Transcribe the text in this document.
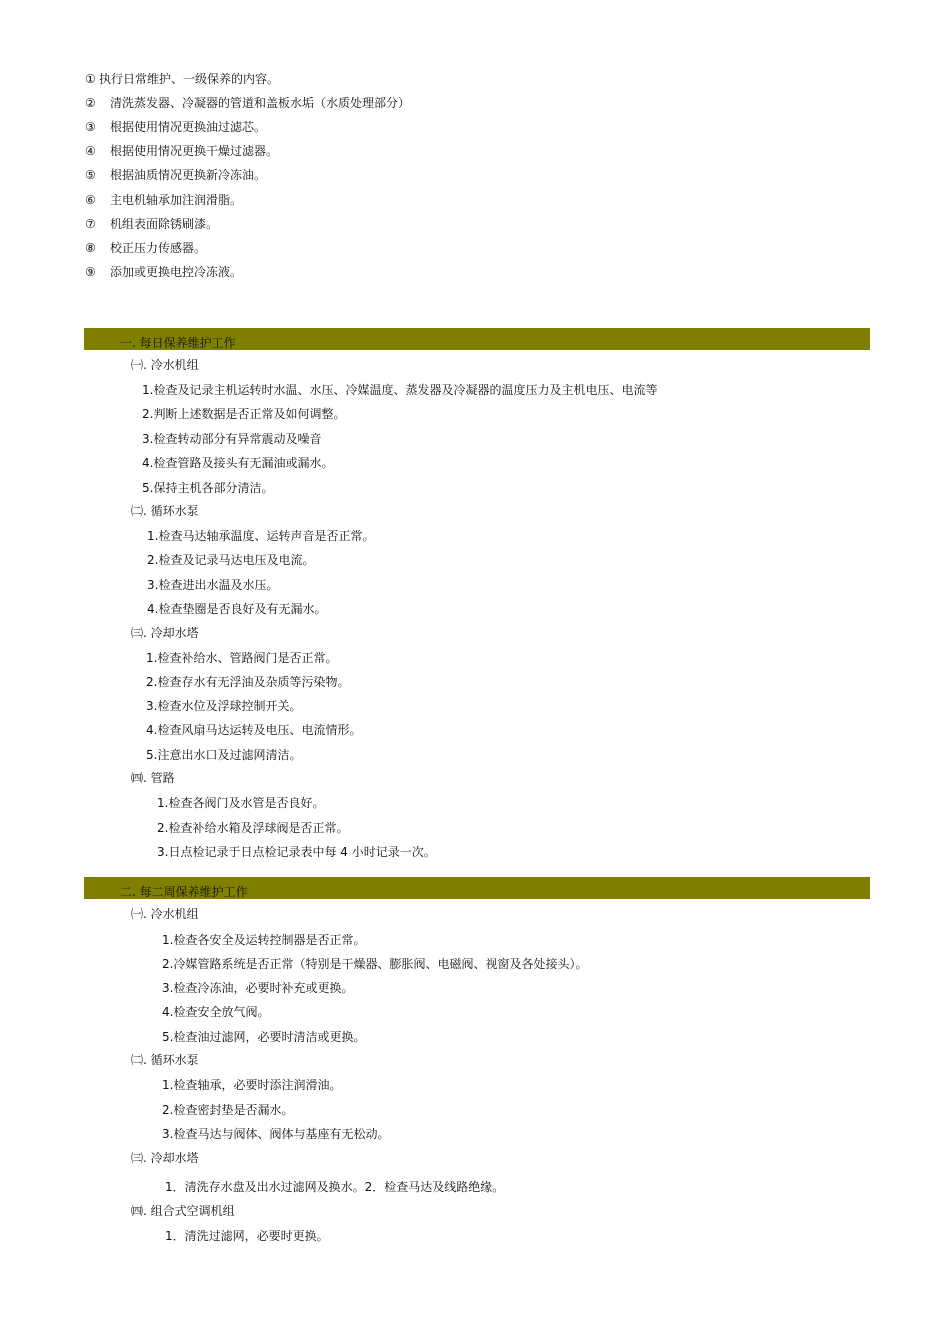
① 执行日常维护、一级保养的内容。
② 清洗蒸发器、冷凝器的管道和盖板水垢（水质处理部分）
③ 根据使用情况更换油过滤芯。
④ 根据使用情况更换干燥过滤器。
⑤ 根据油质情况更换新冷冻油。
⑥ 主电机轴承加注润滑脂。
⑦ 机组表面除锈刷漆。
⑧ 校正压力传感器。
⑨ 添加或更换电控冷冻液。
一. 每日保养维护工作
㈠. 冷水机组
1.检查及记录主机运转时水温、水压、冷媒温度、蒸发器及冷凝器的温度压力及主机电压、电流等
2.判断上述数据是否正常及如何调整。
3.检查转动部分有异常震动及噪音
4.检查管路及接头有无漏油或漏水。
5.保持主机各部分清洁。
㈡. 循环水泵
1.检查马达轴承温度、运转声音是否正常。
2.检查及记录马达电压及电流。
3.检查进出水温及水压。
4.检查垫圈是否良好及有无漏水。
㈢. 冷却水塔
1.检查补给水、管路阀门是否正常。
2.检查存水有无浮油及杂质等污染物。
3.检查水位及浮球控制开关。
4.检查风扇马达运转及电压、电流情形。
5.注意出水口及过滤网清洁。
㈣. 管路
1.检查各阀门及水管是否良好。
2.检查补给水箱及浮球阀是否正常。
3.日点检记录于日点检记录表中每 4 小时记录一次。
二. 每二周保养维护工作
㈠. 冷水机组
1.检查各安全及运转控制器是否正常。
2.冷媒管路系统是否正常（特别是干燥器、膨胀阀、电磁阀、视窗及各处接头）。
3.检查冷冻油，必要时补充或更换。
4.检查安全放气阀。
5.检查油过滤网，必要时清洁或更换。
㈡. 循环水泵
1.检查轴承，必要时添注润滑油。
2.检查密封垫是否漏水。
3.检查马达与阀体、阀体与基座有无松动。
㈢. 冷却水塔
1．清洗存水盘及出水过滤网及换水。2．检查马达及线路绝缘。
㈣. 组合式空调机组
1．清洗过滤网，必要时更换。
